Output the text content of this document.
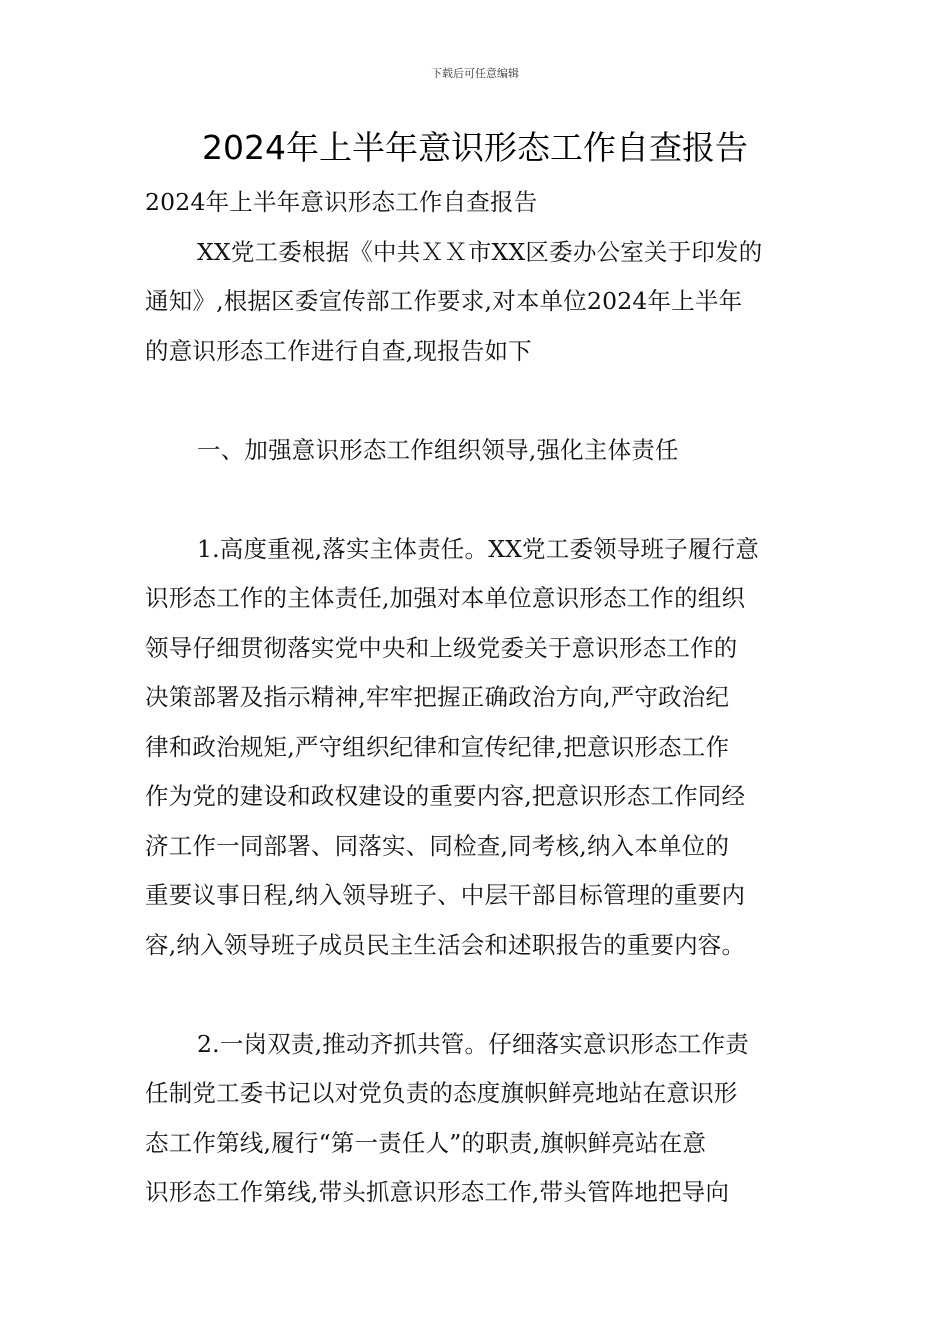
下载后可任意编辑
2024年上半年意识形态工作自查报告
2024年上半年意识形态工作自查报告
XX党工委根据《中共ＸＸ市XX区委办公室关于印发的
通知》,根据区委宣传部工作要求,对本单位2024年上半年
的意识形态工作进行自查,现报告如下
一、加强意识形态工作组织领导,强化主体责任
1.高度重视,落实主体责任。XX党工委领导班子履行意
识形态工作的主体责任,加强对本单位意识形态工作的组织
领导仔细贯彻落实党中央和上级党委关于意识形态工作的
决策部署及指示精神,牢牢把握正确政治方向,严守政治纪
律和政治规矩,严守组织纪律和宣传纪律,把意识形态工作
作为党的建设和政权建设的重要内容,把意识形态工作同经
济工作一同部署、同落实、同检查,同考核,纳入本单位的
重要议事日程,纳入领导班子、中层干部目标管理的重要内
容,纳入领导班子成员民主生活会和述职报告的重要内容。
2.一岗双责,推动齐抓共管。仔细落实意识形态工作责
任制党工委书记以对党负责的态度旗帜鲜亮地站在意识形
态工作第线,履行“第一责任人”的职责,旗帜鲜亮站在意
识形态工作第线,带头抓意识形态工作,带头管阵地把导向
